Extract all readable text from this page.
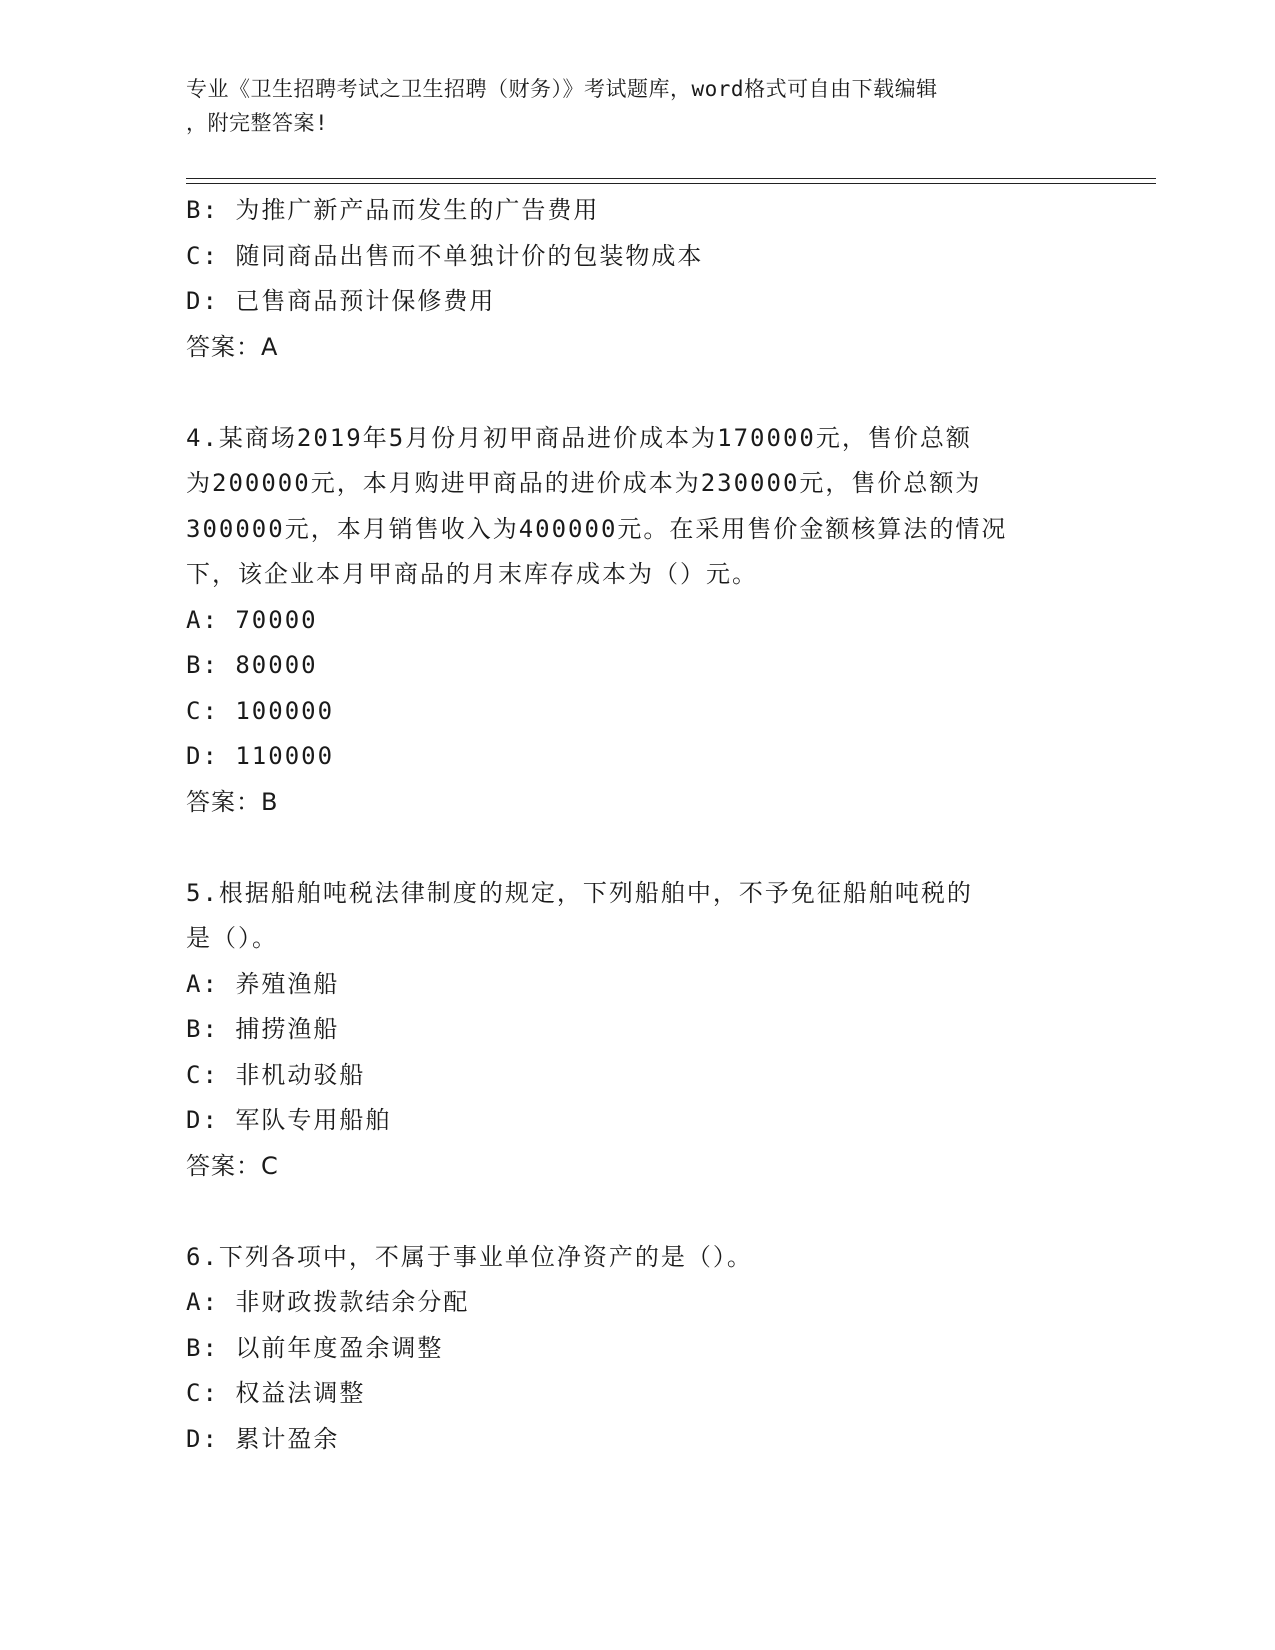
专业《卫生招聘考试之卫生招聘（财务）》考试题库，word格式可自由下载编辑
，附完整答案!
B: 为推广新产品而发生的广告费用
C: 随同商品出售而不单独计价的包装物成本
D: 已售商品预计保修费用
答案：A
4.某商场2019年5月份月初甲商品进价成本为170000元，售价总额
为200000元，本月购进甲商品的进价成本为230000元，售价总额为
300000元，本月销售收入为400000元。在采用售价金额核算法的情况
下，该企业本月甲商品的月末库存成本为（）元。
A: 70000
B: 80000
C: 100000
D: 110000
答案：B
5.根据船舶吨税法律制度的规定，下列船舶中，不予免征船舶吨税的
是（）。
A: 养殖渔船
B: 捕捞渔船
C: 非机动驳船
D: 军队专用船舶
答案：C
6.下列各项中，不属于事业单位净资产的是（）。
A: 非财政拨款结余分配
B: 以前年度盈余调整
C: 权益法调整
D: 累计盈余
